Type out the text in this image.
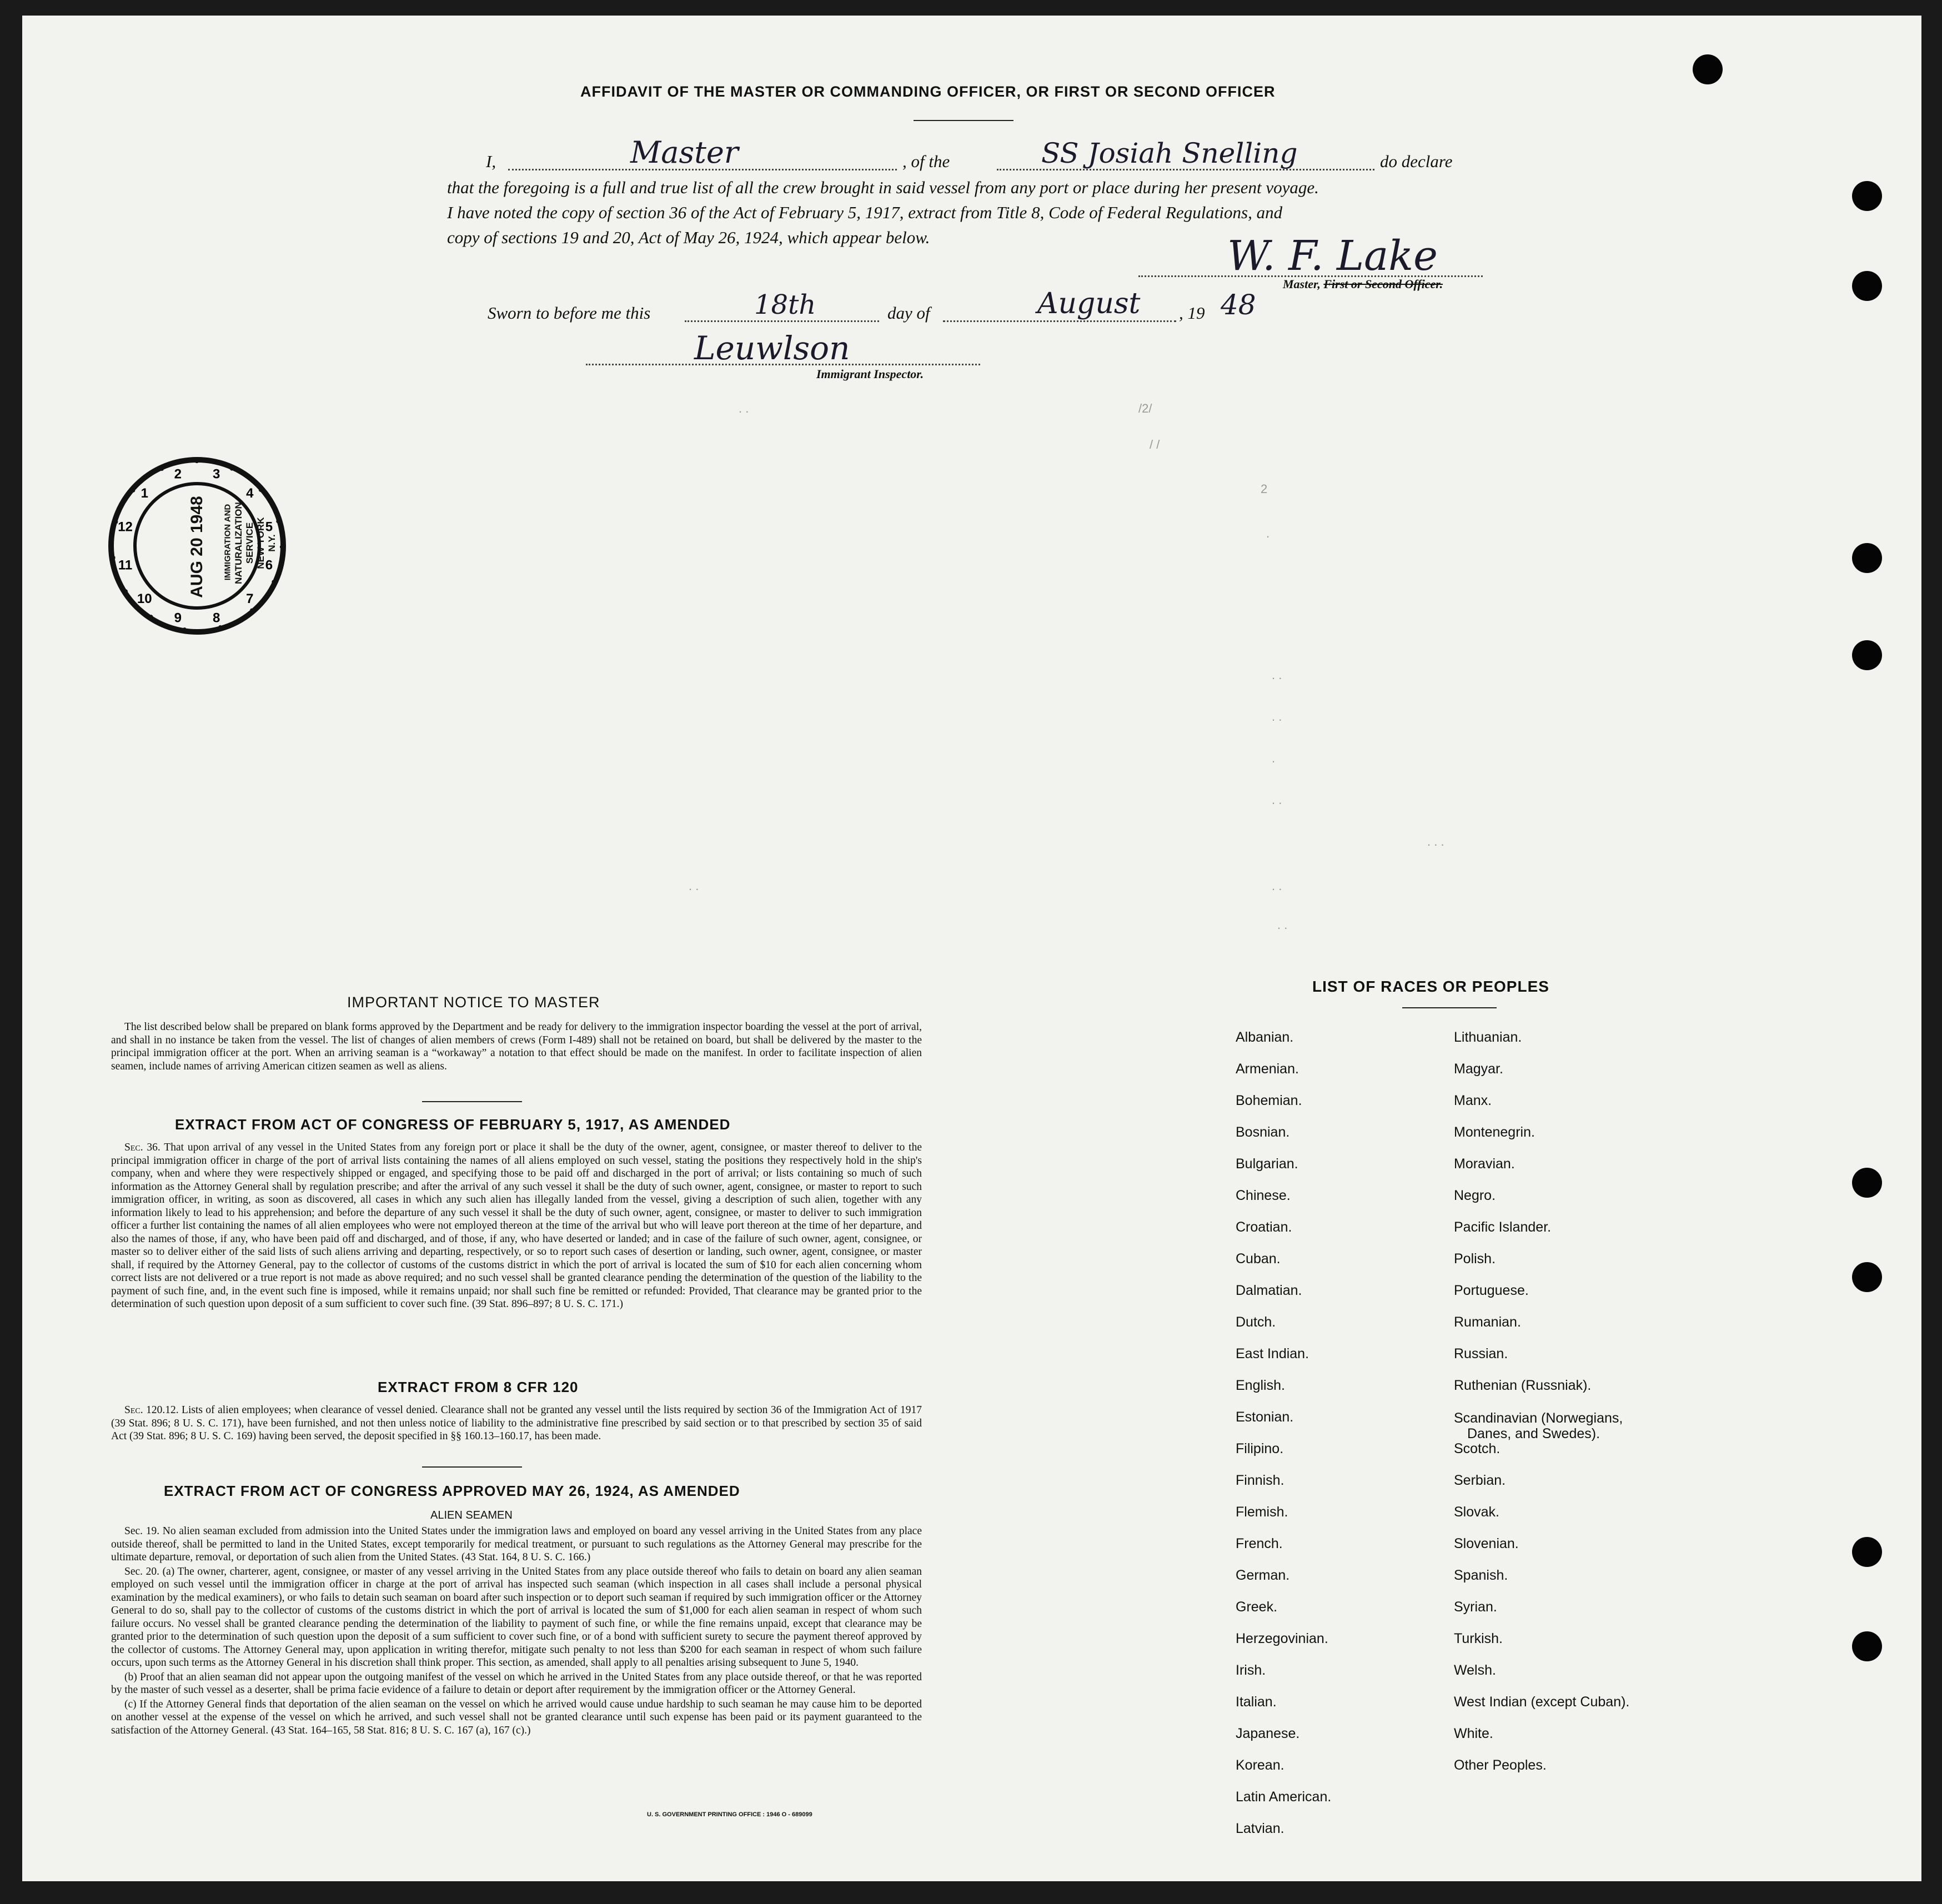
AFFIDAVIT OF THE MASTER OR COMMANDING OFFICER, OR FIRST OR SECOND OFFICER
I,	Master	, of the	SS Josiah Snelling	do declare
that the foregoing is a full and true list of all the crew brought in said vessel from any port or place during her present voyage.
I have noted the copy of section 36 of the Act of February 5, 1917, extract from Title 8, Code of Federal Regulations, and
copy of sections 19 and 20, Act of May 26, 1924, which appear below.	W. F. Lake
Master, First or Second Officer.
Sworn to before me this	18th	day of	August , 19 48
Leuwlson
Immigrant Inspector.
. .	/2/
/ /
2
.
. .
. .
.
. .
. . .
. .	. .
. .
1
2 3
4
5
6
7
8
9
10
11
12	AUG 20 1948 IMMIGRATION AND NATURALIZATION SERVICE NEW YORK N.Y.
IMPORTANT NOTICE TO MASTER

The list described below shall be prepared on blank forms approved by the Department and be ready for delivery to the immigration inspector boarding the vessel at the port of arrival, and shall in no instance be taken from the vessel. The list of changes of alien members of crews (Form I-489) shall not be retained on board, but shall be delivered by the master to the principal immigration officer at the port. When an arriving seaman is a “workaway” a notation to that effect should be made on the manifest. In order to facilitate inspection of alien seamen, include names of arriving American citizen seamen as well as aliens.

EXTRACT FROM ACT OF CONGRESS OF FEBRUARY 5, 1917, AS AMENDED

Sec. 36. That upon arrival of any vessel in the United States from any foreign port or place it shall be the duty of the owner, agent, consignee, or master thereof to deliver to the principal immigration officer in charge of the port of arrival lists containing the names of all aliens employed on such vessel, stating the positions they respectively hold in the ship's company, when and where they were respectively shipped or engaged, and specifying those to be paid off and discharged in the port of arrival; or lists containing so much of such information as the Attorney General shall by regulation prescribe; and after the arrival of any such vessel it shall be the duty of such owner, agent, consignee, or master to report to such immigration officer, in writing, as soon as discovered, all cases in which any such alien has illegally landed from the vessel, giving a description of such alien, together with any information likely to lead to his apprehension; and before the departure of any such vessel it shall be the duty of such owner, agent, consignee, or master to deliver to such immigration officer a further list containing the names of all alien employees who were not employed thereon at the time of the arrival but who will leave port thereon at the time of her departure, and also the names of those, if any, who have been paid off and discharged, and of those, if any, who have deserted or landed; and in case of the failure of such owner, agent, consignee, or master so to deliver either of the said lists of such aliens arriving and departing, respectively, or so to report such cases of desertion or landing, such owner, agent, consignee, or master shall, if required by the Attorney General, pay to the collector of customs of the customs district in which the port of arrival is located the sum of $10 for each alien concerning whom correct lists are not delivered or a true report is not made as above required; and no such vessel shall be granted clearance pending the determination of the question of the liability to the payment of such fine, and, in the event such fine is imposed, while it remains unpaid; nor shall such fine be remitted or refunded: Provided, That clearance may be granted prior to the determination of such question upon deposit of a sum sufficient to cover such fine. (39 Stat. 896–897; 8 U. S. C. 171.)

EXTRACT FROM 8 CFR 120

Sec. 120.12. Lists of alien employees; when clearance of vessel denied. Clearance shall not be granted any vessel until the lists required by section 36 of the Immigration Act of 1917 (39 Stat. 896; 8 U. S. C. 171), have been furnished, and not then unless notice of liability to the administrative fine prescribed by said section or to that prescribed by section 35 of said Act (39 Stat. 896; 8 U. S. C. 169) having been served, the deposit specified in §§ 160.13–160.17, has been made.

EXTRACT FROM ACT OF CONGRESS APPROVED MAY 26, 1924, AS AMENDED
ALIEN SEAMEN

Sec. 19. No alien seaman excluded from admission into the United States under the immigration laws and employed on board any vessel arriving in the United States from any place outside thereof, shall be permitted to land in the United States, except temporarily for medical treatment, or pursuant to such regulations as the Attorney General may prescribe for the ultimate departure, removal, or deportation of such alien from the United States. (43 Stat. 164, 8 U. S. C. 166.)

Sec. 20. (a) The owner, charterer, agent, consignee, or master of any vessel arriving in the United States from any place outside thereof who fails to detain on board any alien seaman employed on such vessel until the immigration officer in charge at the port of arrival has inspected such seaman (which inspection in all cases shall include a personal physical examination by the medical examiners), or who fails to detain such seaman on board after such inspection or to deport such seaman if required by such immigration officer or the Attorney General to do so, shall pay to the collector of customs of the customs district in which the port of arrival is located the sum of $1,000 for each alien seaman in respect of whom such failure occurs. No vessel shall be granted clearance pending the determination of the liability to payment of such fine, or while the fine remains unpaid, except that clearance may be granted prior to the determination of such question upon the deposit of a sum sufficient to cover such fine, or of a bond with sufficient surety to secure the payment thereof approved by the collector of customs. The Attorney General may, upon application in writing therefor, mitigate such penalty to not less than $200 for each seaman in respect of whom such failure occurs, upon such terms as the Attorney General in his discretion shall think proper. This section, as amended, shall apply to all penalties arising subsequent to June 5, 1940.

(b) Proof that an alien seaman did not appear upon the outgoing manifest of the vessel on which he arrived in the United States from any place outside thereof, or that he was reported by the master of such vessel as a deserter, shall be prima facie evidence of a failure to detain or deport after requirement by the immigration officer or the Attorney General.

(c) If the Attorney General finds that deportation of the alien seaman on the vessel on which he arrived would cause undue hardship to such seaman he may cause him to be deported on another vessel at the expense of the vessel on which he arrived, and such vessel shall not be granted clearance until such expense has been paid or its payment guaranteed to the satisfaction of the Attorney General. (43 Stat. 164–165, 58 Stat. 816; 8 U. S. C. 167 (a), 167 (c).)

U. S. GOVERNMENT PRINTING OFFICE : 1946 O - 689099
LIST OF RACES OR PEOPLES
Albanian.
Armenian.
Bohemian.
Bosnian.
Bulgarian.
Chinese.
Croatian.
Cuban.
Dalmatian.
Dutch.
East Indian.
English.
Estonian.
Filipino.
Finnish.
Flemish.
French.
German.
Greek.
Herzegovinian.
Irish.
Italian.
Japanese.
Korean.
Latin American.
Latvian.
Lithuanian.
Magyar.
Manx.
Montenegrin.
Moravian.
Negro.
Pacific Islander.
Polish.
Portuguese.
Rumanian.
Russian.
Ruthenian (Russniak).
Scandinavian (Norwegians,
Danes, and Swedes).
Scotch.
Serbian.
Slovak.
Slovenian.
Spanish.
Syrian.
Turkish.
Welsh.
West Indian (except Cuban).
White.
Other Peoples.
